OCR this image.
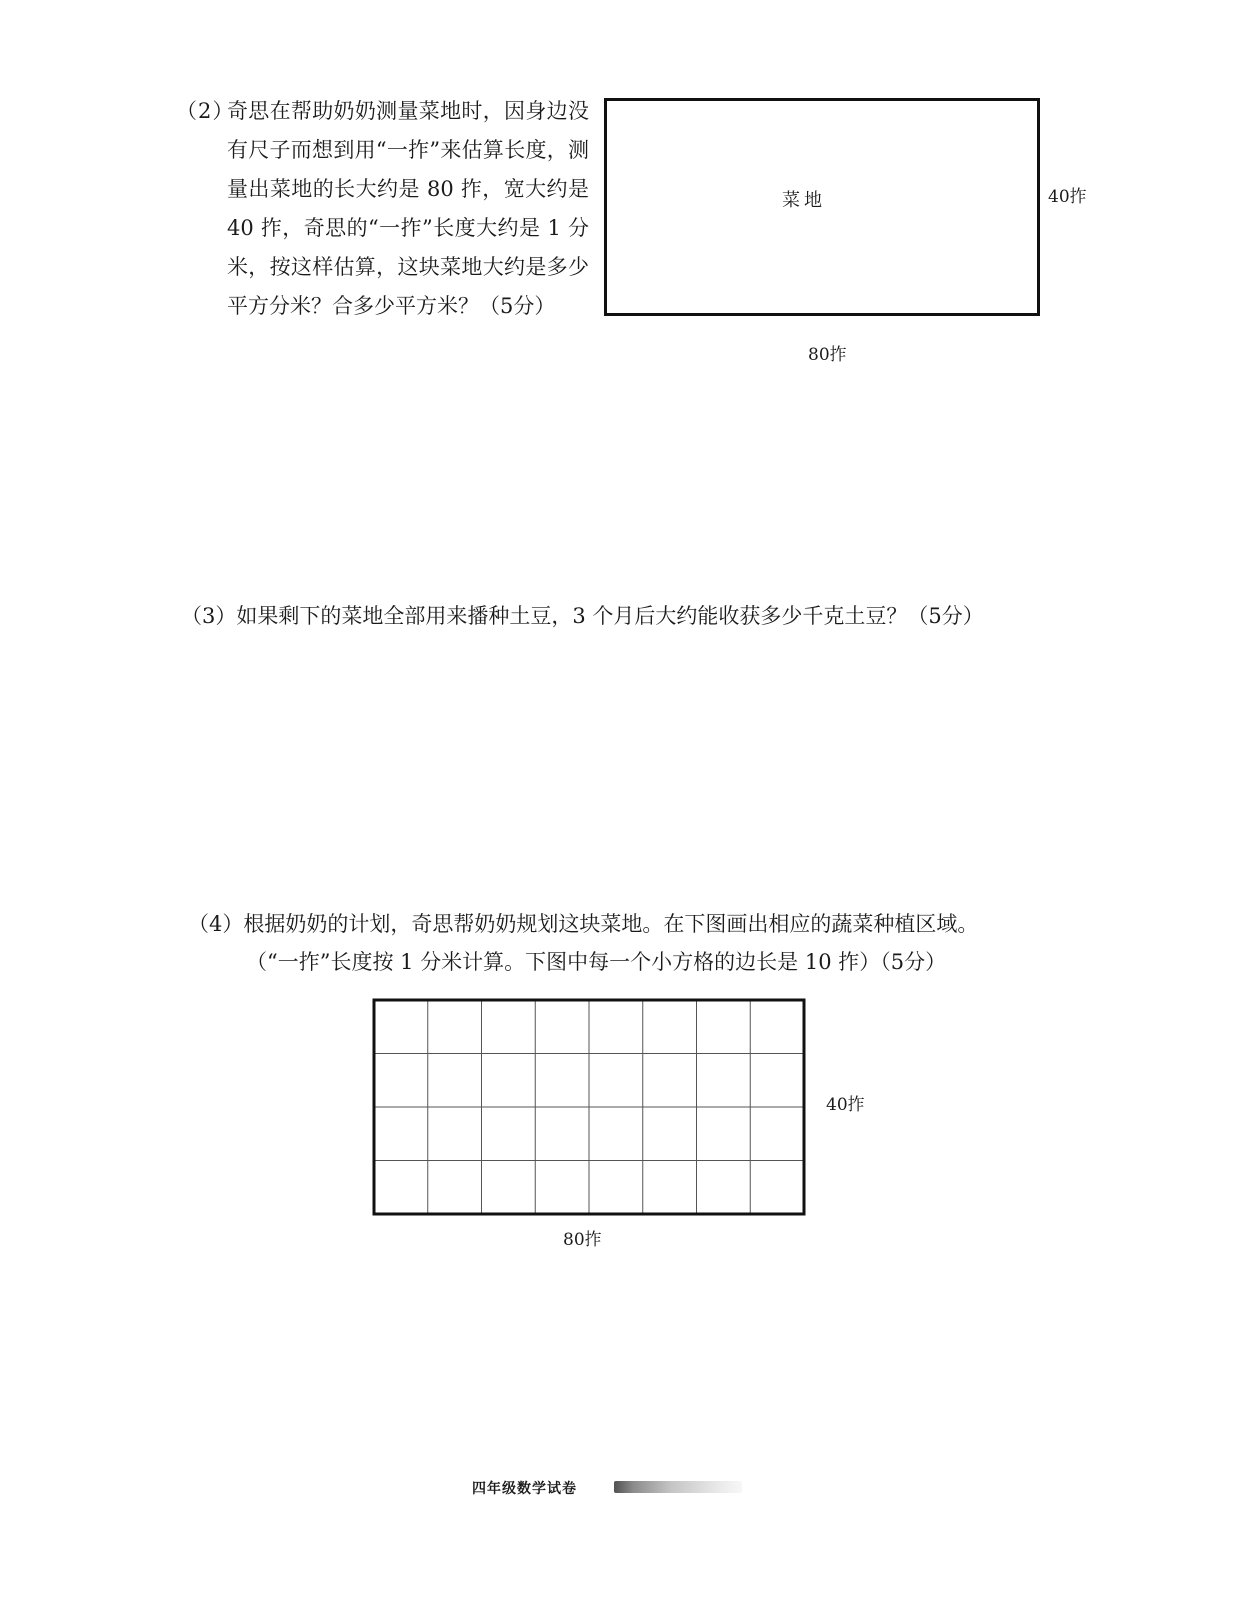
（2）
奇思在帮助奶奶测量菜地时，因身边没有尺子而想到用“一拃”来估算长度，测量出菜地的长大约是 80 拃，宽大约是 40 拃，奇思的“一拃”长度大约是 1 分米，按这样估算，这块菜地大约是多少平方分米？合多少平方米？（5分）
菜地	40拃
80拃
（3）如果剩下的菜地全部用来播种土豆，3 个月后大约能收获多少千克土豆？（5分）
（4）根据奶奶的计划，奇思帮奶奶规划这块菜地。在下图画出相应的蔬菜种植区域。
（“一拃”长度按 1 分米计算。下图中每一个小方格的边长是 10 拃）（5分）
40拃
80拃
四年级数学试卷
